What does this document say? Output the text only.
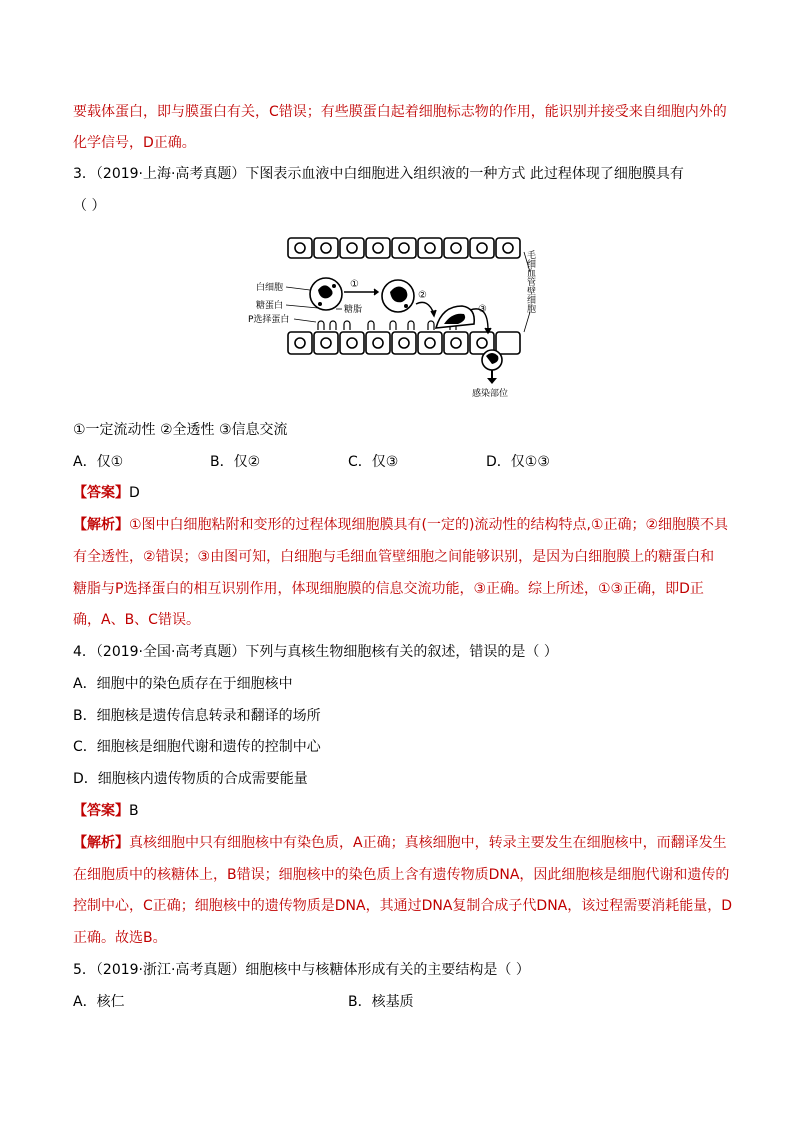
要载体蛋白，即与膜蛋白有关，C错误；有些膜蛋白起着细胞标志物的作用，能识别并接受来自细胞内外的
化学信号，D正确。
3．（2019·上海·高考真题）下图表示血液中白细胞进入组织液的一种方式 此过程体现了细胞膜具有
（ ）
①
②
③
白细胞
糖蛋白
P选择蛋白
糖脂	毛细血管壁细胞
感染部位
①一定流动性 ②全透性 ③信息交流
A．仅①	B．仅②	C．仅③	D．仅①③
【答案】D
【解析】①图中白细胞粘附和变形的过程体现细胞膜具有(一定的)流动性的结构特点,①正确；②细胞膜不具
有全透性，②错误；③由图可知，白细胞与毛细血管壁细胞之间能够识别，是因为白细胞膜上的糖蛋白和
糖脂与P选择蛋白的相互识别作用，体现细胞膜的信息交流功能，③正确。综上所述，①③正确，即D正
确，A、B、C错误。
4．（2019·全国·高考真题）下列与真核生物细胞核有关的叙述，错误的是（ ）
A．细胞中的染色质存在于细胞核中
B．细胞核是遗传信息转录和翻译的场所
C．细胞核是细胞代谢和遗传的控制中心
D．细胞核内遗传物质的合成需要能量
【答案】B
【解析】真核细胞中只有细胞核中有染色质，A正确；真核细胞中，转录主要发生在细胞核中，而翻译发生
在细胞质中的核糖体上，B错误；细胞核中的染色质上含有遗传物质DNA，因此细胞核是细胞代谢和遗传的
控制中心，C正确；细胞核中的遗传物质是DNA，其通过DNA复制合成子代DNA，该过程需要消耗能量，D
正确。故选B。
5．（2019·浙江·高考真题）细胞核中与核糖体形成有关的主要结构是（ ）
A．核仁	B．核基质
